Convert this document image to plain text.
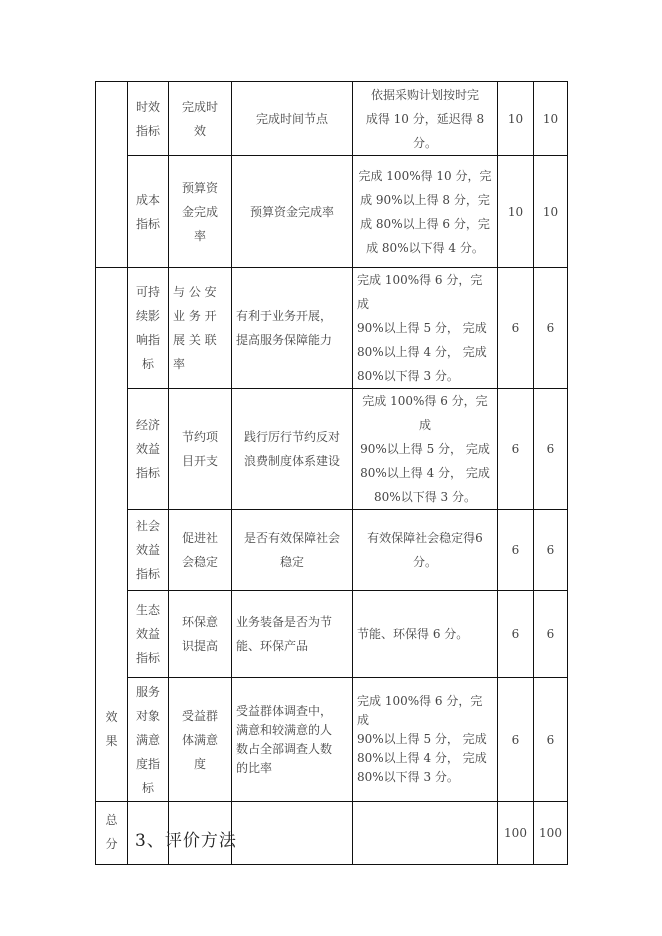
	时效
指标	完成时
效	完成时间节点	依据采购计划按时完
成得 10 分，延迟得 8
分。	10	10
	成本
指标	预算资
金完成
率	预算资金完成率	完成 100%得 10 分，完
成 90%以上得 8 分，完
成 80%以上得 6 分，完
成 80%以下得 4 分。	10	10
效
果	可持
续影
响指
标	与 公 安
业 务 开
展 关 联
率	有利于业务开展，
提高服务保障能力	完成 100%得 6 分，完成
90%以上得 5 分， 完成
80%以上得 4 分， 完成
80%以下得 3 分。	6	6
	经济
效益
指标	节约项
目开支	践行厉行节约反对
浪费制度体系建设	完成 100%得 6 分，完成
90%以上得 5 分， 完成
80%以上得 4 分， 完成
80%以下得 3 分。	6	6
	社会
效益
指标	促进社
会稳定	是否有效保障社会
稳定	有效保障社会稳定得6
分。	6	6
	生态
效益
指标	环保意
识提高	业务装备是否为节
能、环保产品	节能、环保得 6 分。	6	6
	服务
对象
满意
度指
标	受益群
体满意
度	受益群体调查中，
满意和较满意的人
数占全部调查人数
的比率	完成 100%得 6 分，完成
90%以上得 5 分， 完成
80%以上得 4 分， 完成
80%以下得 3 分。	6	6
总
分					100	100
3、评价方法
